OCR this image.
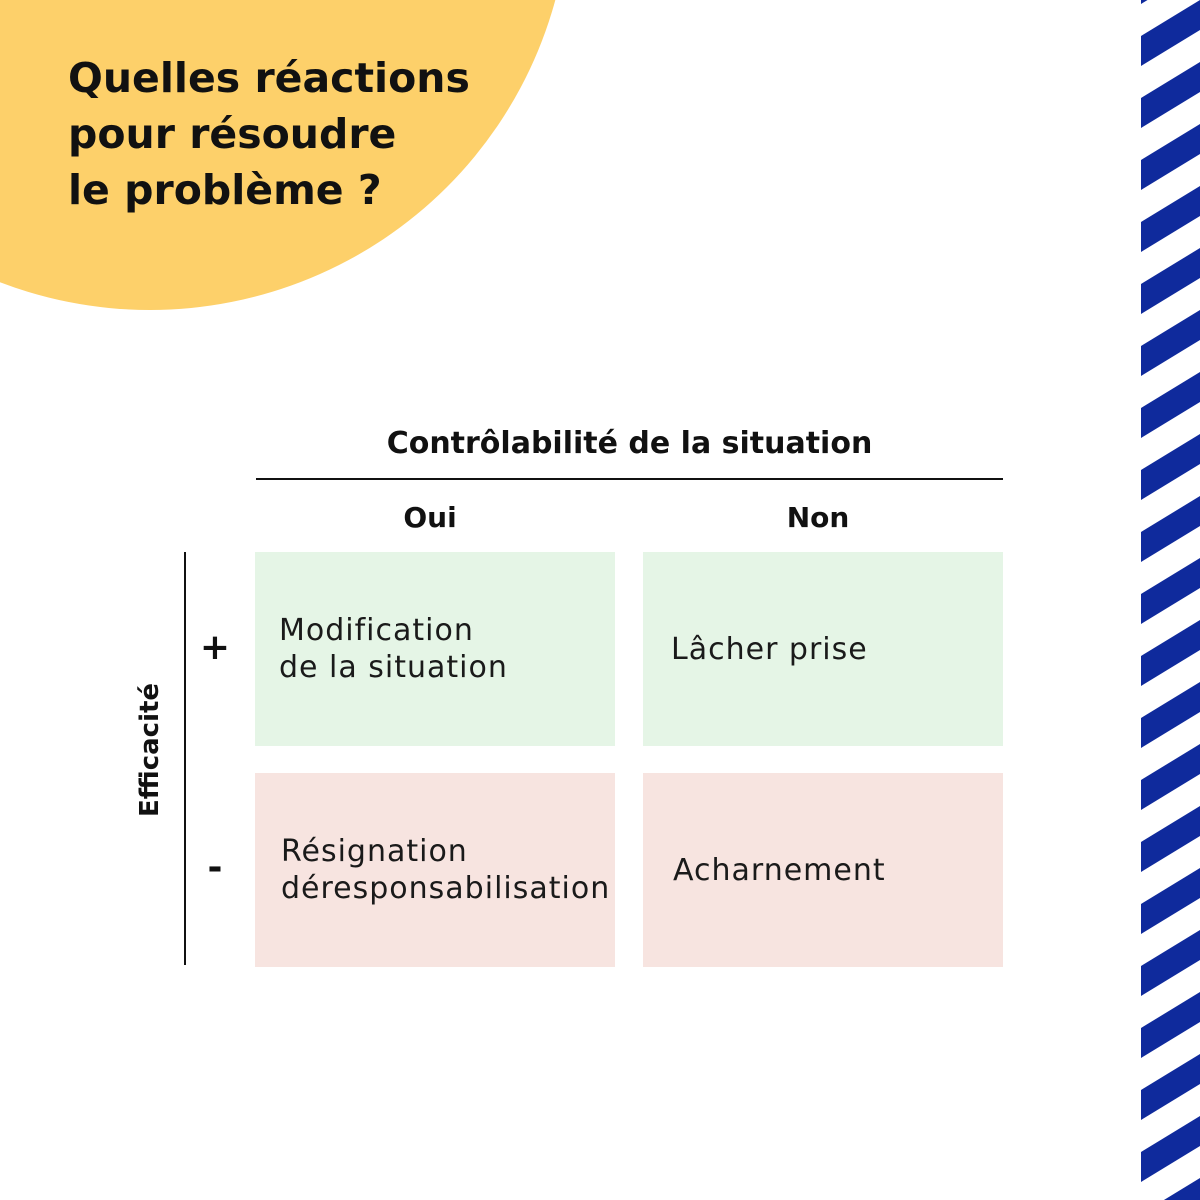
Quelles réactions
pour résoudre
le problème ?
Contrôlabilité de la situation
Oui	Non
Efficacité
+
-
Modification
de la situation
Lâcher prise
Résignation
déresponsabilisation
Acharnement
